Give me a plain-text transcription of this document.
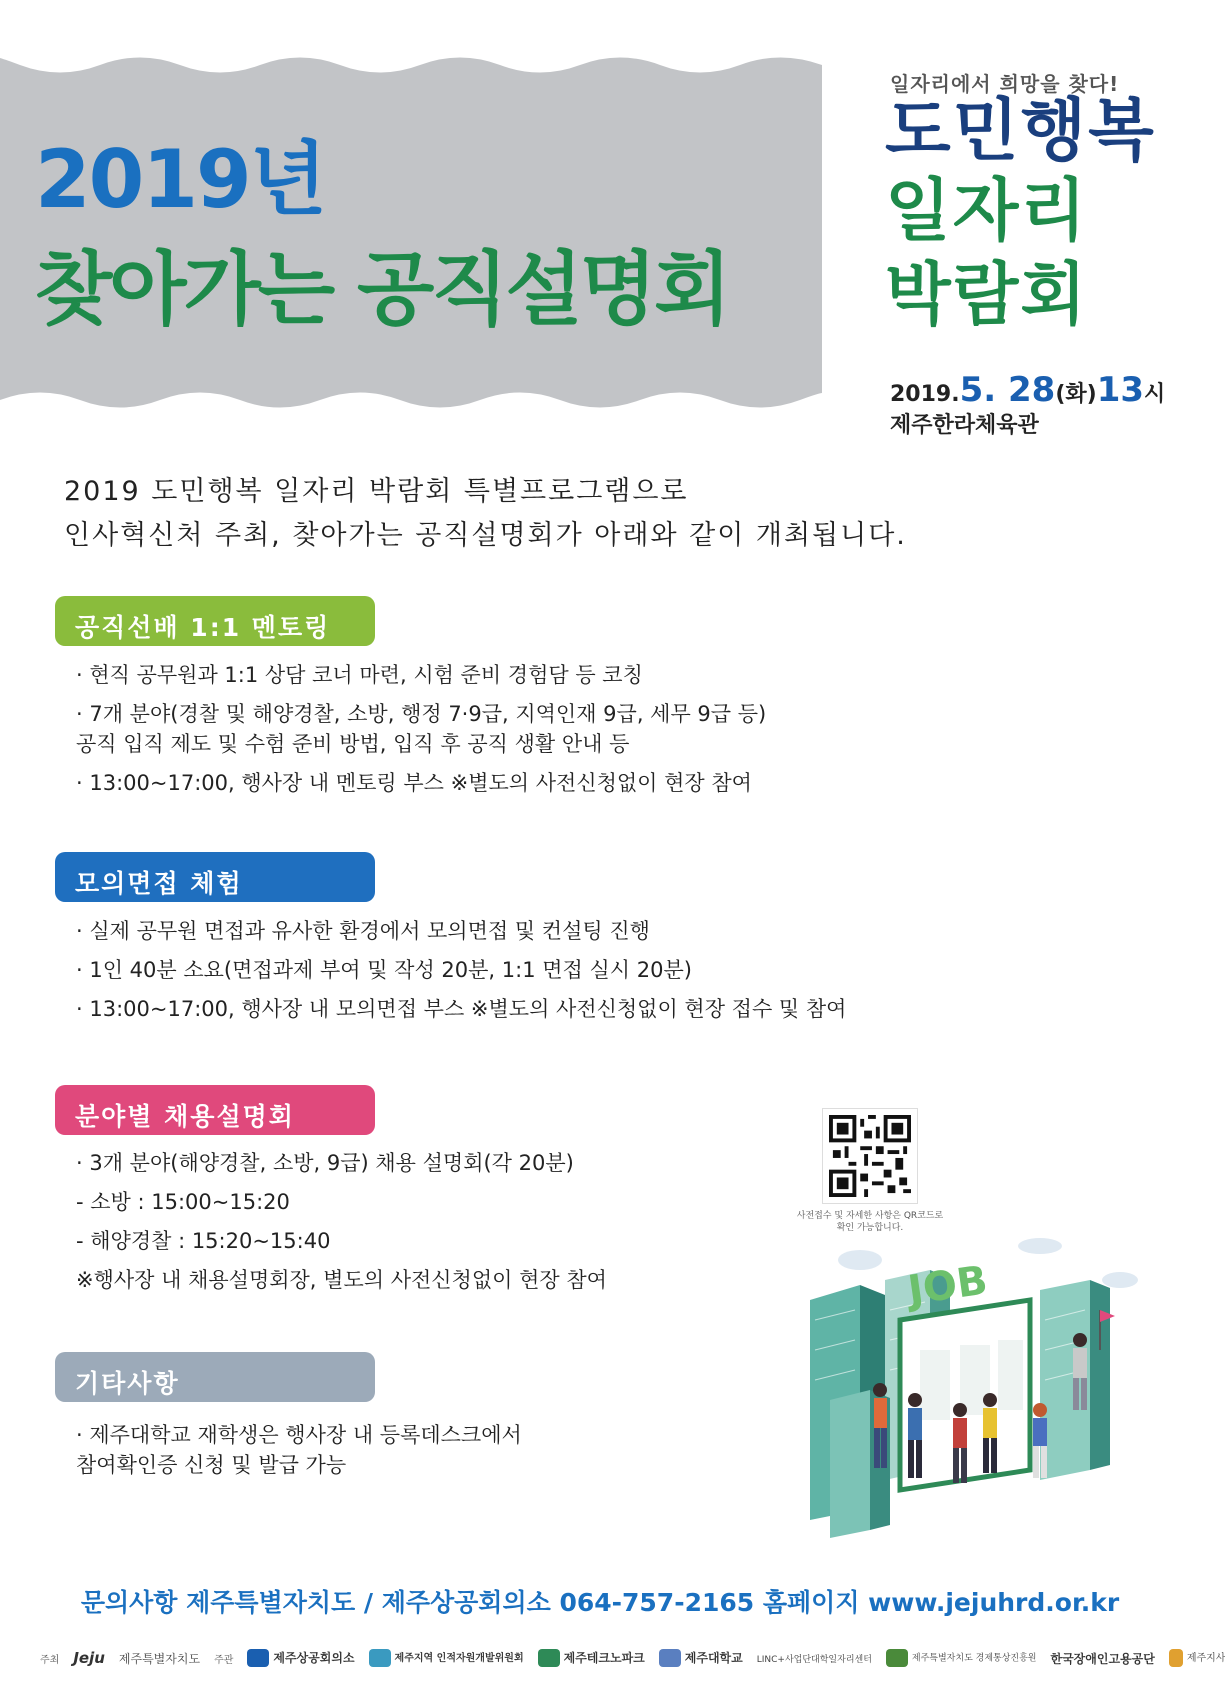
2019년
찾아가는 공직설명회
일자리에서 희망을 찾다!
도민행복
일자리
박람회
2019.5. 28(화)13시
제주한라체육관
2019 도민행복 일자리 박람회 특별프로그램으로
인사혁신처 주최, 찾아가는 공직설명회가 아래와 같이 개최됩니다.
공직선배 1:1 멘토링
· 현직 공무원과 1:1 상담 코너 마련, 시험 준비 경험담 등 코칭
· 7개 분야(경찰 및 해양경찰, 소방, 행정 7·9급, 지역인재 9급, 세무 9급 등)
공직 입직 제도 및 수험 준비 방법, 입직 후 공직 생활 안내 등
· 13:00~17:00, 행사장 내 멘토링 부스 ※별도의 사전신청없이 현장 참여
모의면접 체험
· 실제 공무원 면접과 유사한 환경에서 모의면접 및 컨설팅 진행
· 1인 40분 소요(면접과제 부여 및 작성 20분, 1:1 면접 실시 20분)
· 13:00~17:00, 행사장 내 모의면접 부스 ※별도의 사전신청없이 현장 접수 및 참여
분야별 채용설명회
· 3개 분야(해양경찰, 소방, 9급) 채용 설명회(각 20분)
- 소방 : 15:00~15:20
- 해양경찰 : 15:20~15:40
※행사장 내 채용설명회장, 별도의 사전신청없이 현장 참여
기타사항
· 제주대학교 재학생은 행사장 내 등록데스크에서
참여확인증 신청 및 발급 가능
사전접수 및 자세한 사항은 QR코드로 확인 가능합니다.
JOB
문의사항 제주특별자치도 / 제주상공회의소 064-757-2165 홈페이지 www.jejuhrd.or.kr
주최 Jeju 제주특별자치도 주관	제주상공회의소	제주지역 인적자원개발위원회	제주테크노파크	제주대학교 LINC+사업단대학일자리센터	제주특별자치도 경제통상진흥원 한국장애인고용공단	제주지사
